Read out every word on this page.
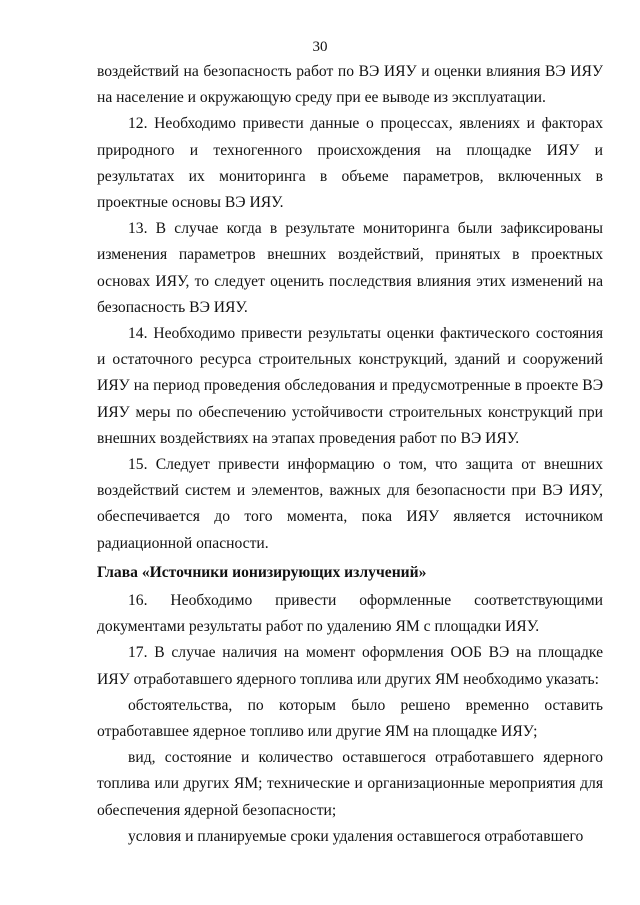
30

воздействий на безопасность работ по ВЭ ИЯУ и оценки влияния ВЭ ИЯУ на население и окружающую среду при ее выводе из эксплуатации.

12. Необходимо привести данные о процессах, явлениях и факторах природного и техногенного происхождения на площадке ИЯУ и результатах их мониторинга в объеме параметров, включенных в проектные основы ВЭ ИЯУ.

13. В случае когда в результате мониторинга были зафиксированы изменения параметров внешних воздействий, принятых в проектных основах ИЯУ, то следует оценить последствия влияния этих изменений на безопасность ВЭ ИЯУ.

14. Необходимо привести результаты оценки фактического состояния и остаточного ресурса строительных конструкций, зданий и сооружений ИЯУ на период проведения обследования и предусмотренные в проекте ВЭ ИЯУ меры по обеспечению устойчивости строительных конструкций при внешних воздействиях на этапах проведения работ по ВЭ ИЯУ.

15. Следует привести информацию о том, что защита от внешних воздействий систем и элементов, важных для безопасности при ВЭ ИЯУ, обеспечивается до того момента, пока ИЯУ является источником радиационной опасности.

Глава «Источники ионизирующих излучений»

16. Необходимо привести оформленные соответствующими документами результаты работ по удалению ЯМ с площадки ИЯУ.

17. В случае наличия на момент оформления ООБ ВЭ на площадке ИЯУ отработавшего ядерного топлива или других ЯМ необходимо указать:

обстоятельства, по которым было решено временно оставить отработавшее ядерное топливо или другие ЯМ на площадке ИЯУ;

вид, состояние и количество оставшегося отработавшего ядерного топлива или других ЯМ; технические и организационные мероприятия для обеспечения ядерной безопасности;

условия и планируемые сроки удаления оставшегося отработавшего
